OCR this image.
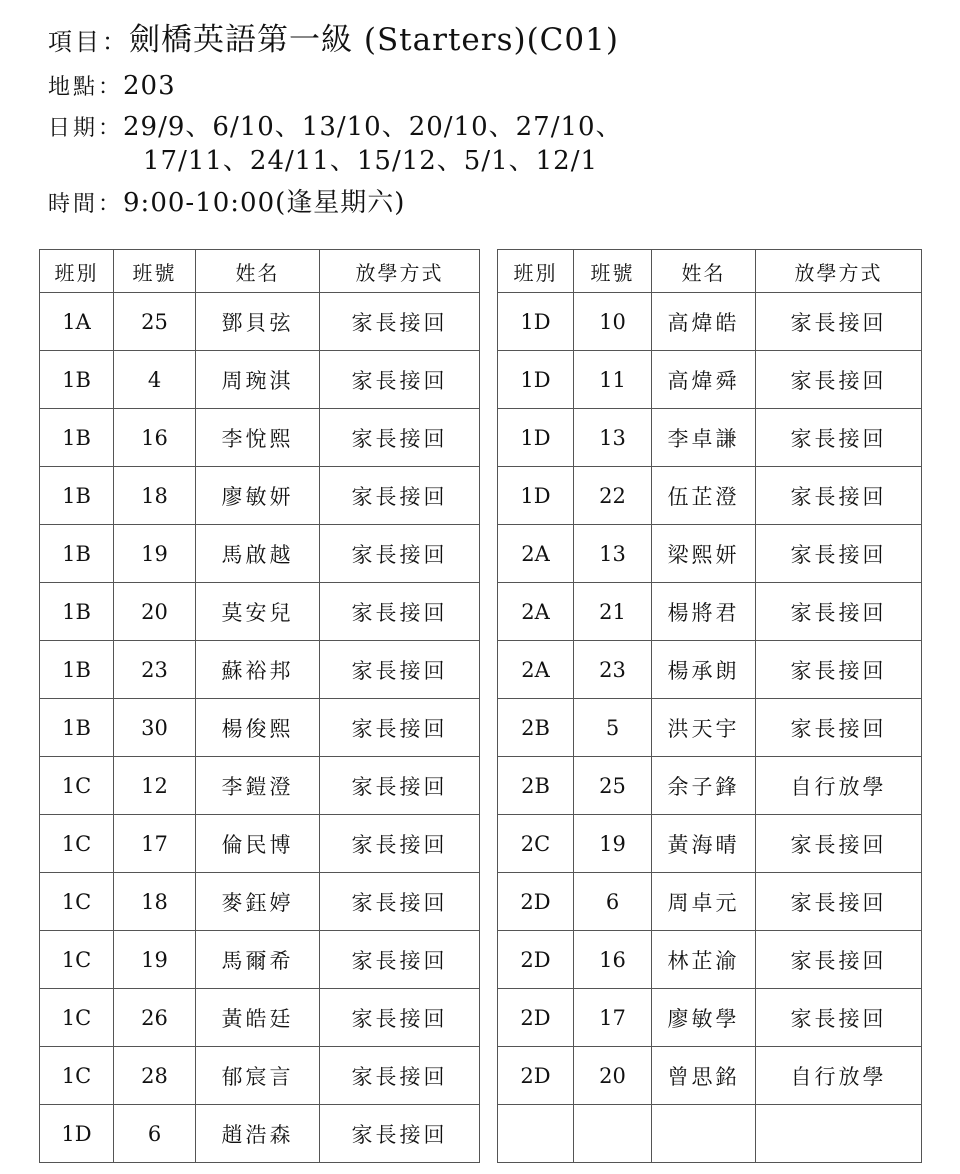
項目：劍橋英語第一級 (Starters)(C01)
地點：203
日期：29/9、6/10、13/10、20/10、27/10、
17/11、24/11、15/12、5/1、12/1
時間：9:00-10:00(逢星期六)
班別	班號	姓名	放學方式
1A	25	鄧貝弦	家長接回
1B	4	周琬淇	家長接回
1B	16	李悅熙	家長接回
1B	18	廖敏妍	家長接回
1B	19	馬啟越	家長接回
1B	20	莫安兒	家長接回
1B	23	蘇裕邦	家長接回
1B	30	楊俊熙	家長接回
1C	12	李鎧澄	家長接回
1C	17	倫民博	家長接回
1C	18	麥鈺婷	家長接回
1C	19	馬爾希	家長接回
1C	26	黃皓廷	家長接回
1C	28	郁宸言	家長接回
1D	6	趙浩森	家長接回
班別	班號	姓名	放學方式
1D	10	高煒皓	家長接回
1D	11	高煒舜	家長接回
1D	13	李卓謙	家長接回
1D	22	伍芷澄	家長接回
2A	13	梁熙妍	家長接回
2A	21	楊將君	家長接回
2A	23	楊承朗	家長接回
2B	5	洪天宇	家長接回
2B	25	余子鋒	自行放學
2C	19	黃海晴	家長接回
2D	6	周卓元	家長接回
2D	16	林芷渝	家長接回
2D	17	廖敏學	家長接回
2D	20	曾思銘	自行放學
